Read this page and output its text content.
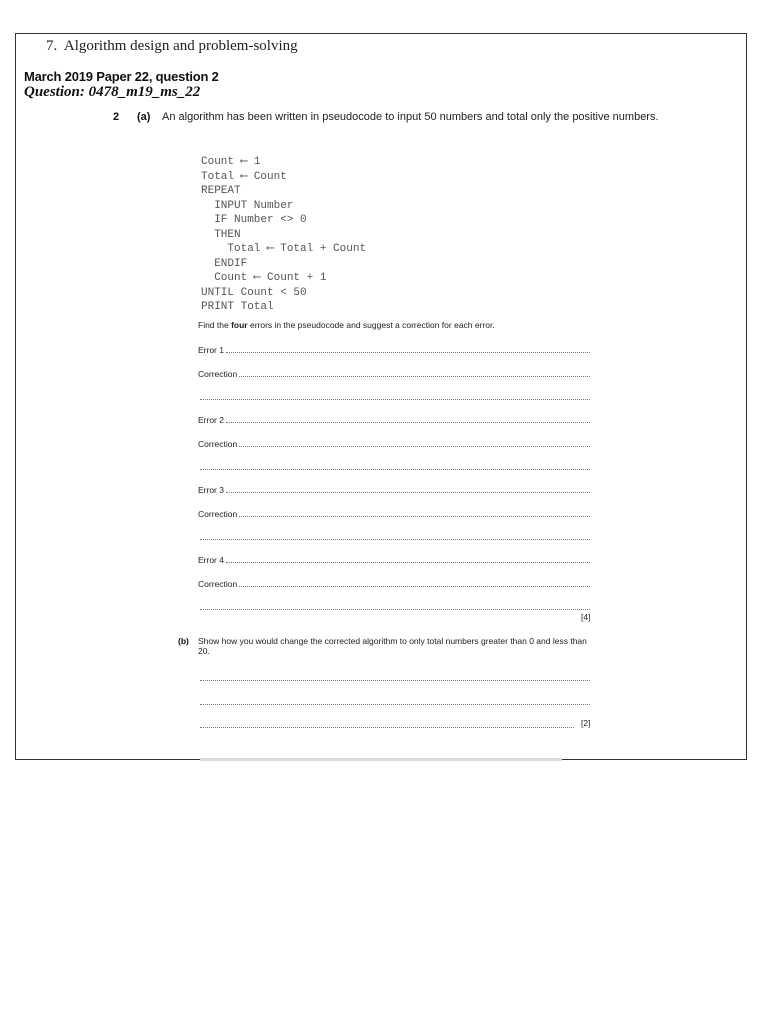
7.  Algorithm design and problem-solving
March 2019 Paper 22, question 2
Question: 0478_m19_ms_22
2 (a) An algorithm has been written in pseudocode to input 50 numbers and total only the positive numbers.
Count ⟵ 1
Total ⟵ Count
REPEAT
INPUT Number
IF Number <> 0
THEN
Total ⟵ Total + Count
ENDIF
Count ⟵ Count + 1
UNTIL Count < 50
PRINT Total
Find the four errors in the pseudocode and suggest a correction for each error.
Error 1
Correction
Error 2
Correction
Error 3
Correction
Error 4
Correction
[4]
(b) Show how you would change the corrected algorithm to only total numbers greater than 0 and less than 20.
[2]
